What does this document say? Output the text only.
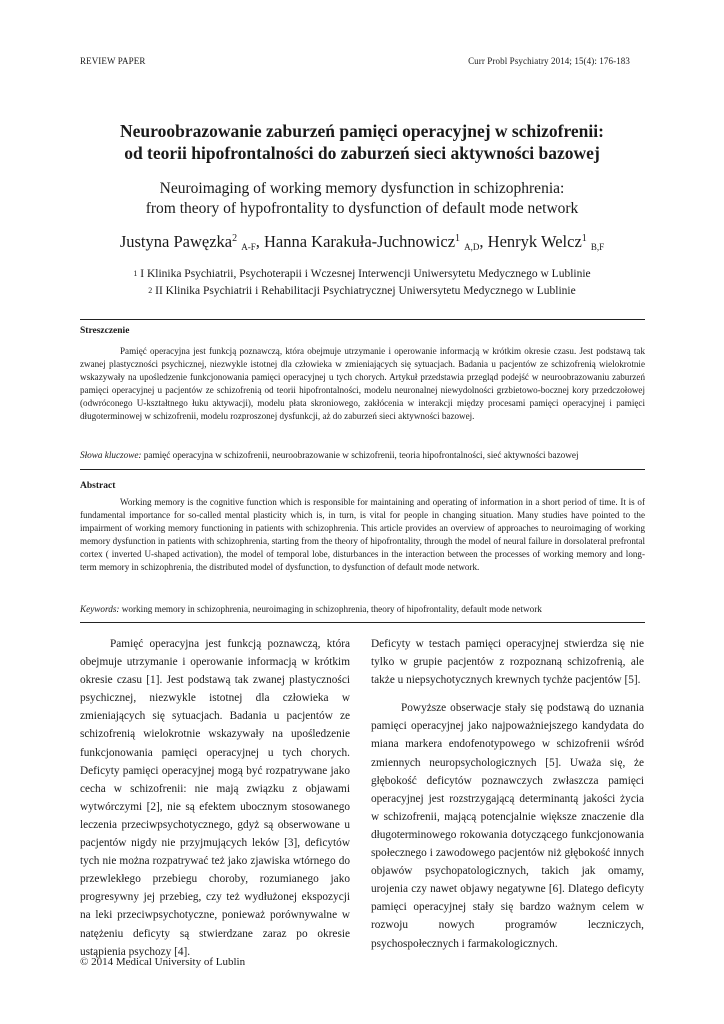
REVIEW PAPER	Curr Probl Psychiatry 2014; 15(4): 176-183
Neuroobrazowanie zaburzeń pamięci operacyjnej w schizofrenii:
od teorii hipofrontalności do zaburzeń sieci aktywności bazowej
Neuroimaging of working memory dysfunction in schizophrenia:
from theory of hypofrontality to dysfunction of default mode network
Justyna Pawęzka$^2$ A-F, Hanna Karakuła-Juchnowicz$^1$ A,D, Henryk Welcz$^1$ B,F
$^1$ I Klinika Psychiatrii, Psychoterapii i Wczesnej Interwencji Uniwersytetu Medycznego w Lublinie
$^2$ II Klinika Psychiatrii i Rehabilitacji Psychiatrycznej Uniwersytetu Medycznego w Lublinie
Streszczenie

Pamięć operacyjna jest funkcją poznawczą, która obejmuje utrzymanie i operowanie informacją w krótkim okresie czasu. Jest podstawą tak zwanej plastyczności psychicznej, niezwykle istotnej dla człowieka w zmieniających się sytuacjach. Badania u pacjentów ze schizofrenią wielokrotnie wskazywały na upośledzenie funkcjonowania pamięci operacyjnej u tych chorych. Artykuł przedstawia przegląd podejść w neuroobrazowaniu zaburzeń pamięci operacyjnej u pacjentów ze schizofrenią od teorii hipofrontalności, modelu neuronalnej niewydolności grzbietowo-bocznej kory przedczołowej (odwróconego U-kształtnego łuku aktywacji), modelu płata skroniowego, zakłócenia w interakcji między procesami pamięci operacyjnej i pamięci długoterminowej w schizofrenii, modelu rozproszonej dysfunkcji, aż do zaburzeń sieci aktywności bazowej.

Słowa kluczowe: pamięć operacyjna w schizofrenii, neuroobrazowanie w schizofrenii, teoria hipofrontalności, sieć aktywności bazowej
Abstract

Working memory is the cognitive function which is responsible for maintaining and operating of information in a short period of time. It is of fundamental importance for so-called mental plasticity which is, in turn, is vital for people in changing situation. Many studies have pointed to the impairment of working memory functioning in patients with schizophrenia. This article provides an overview of approaches to neuroimaging of working memory dysfunction in patients with schizophrenia, starting from the theory of hipofrontality, through the model of neural failure in dorsolateral prefrontal cortex ( inverted U-shaped activation), the model of temporal lobe, disturbances in the interaction between the processes of working memory and long-term memory in schizophrenia, the distributed model of dysfunction, to dysfunction of default mode network.

Keywords: working memory in schizophrenia, neuroimaging in schizophrenia, theory of hipofrontality, default mode network

Pamięć operacyjna jest funkcją poznawczą, która obejmuje utrzymanie i operowanie informacją w krótkim okresie czasu [1]. Jest podstawą tak zwanej plastyczności psychicznej, niezwykle istotnej dla człowieka w zmieniających się sytuacjach. Badania u pacjentów ze schizofrenią wielokrotnie wskazywały na upośledzenie funkcjonowania pamięci operacyjnej u tych chorych. Deficyty pamięci operacyjnej mogą być rozpatrywane jako cecha w schizofrenii: nie mają związku z objawami wytwórczymi [2], nie są efektem ubocznym stosowanego leczenia przeciwpsychotycznego, gdyż są obserwowane u pacjentów nigdy nie przyjmujących leków [3], deficytów tych nie można rozpatrywać też jako zjawiska wtórnego do przewlekłego przebiegu choroby, rozumianego jako progresywny jej przebieg, czy też wydłużonej ekspozycji na leki przeciwpsychotyczne, ponieważ porównywalne w natężeniu deficyty są stwierdzane zaraz po okresie ustąpienia psychozy [4].

Deficyty w testach pamięci operacyjnej stwierdza się nie tylko w grupie pacjentów z rozpoznaną schizofrenią, ale także u niepsychotycznych krewnych tychże pacjentów [5].

Powyższe obserwacje stały się podstawą do uznania pamięci operacyjnej jako najpoważniejszego kandydata do miana markera endofenotypowego w schizofrenii wśród zmiennych neuropsychologicznych [5]. Uważa się, że głębokość deficytów poznawczych zwłaszcza pamięci operacyjnej jest rozstrzygającą determinantą jakości życia w schizofrenii, mającą potencjalnie większe znaczenie dla długoterminowego rokowania dotyczącego funkcjonowania społecznego i zawodowego pacjentów niż głębokość innych objawów psychopatologicznych, takich jak omamy, urojenia czy nawet objawy negatywne [6]. Dlatego deficyty pamięci operacyjnej stały się bardzo ważnym celem w rozwoju nowych programów leczniczych, psychospołecznych i farmakologicznych.

© 2014 Medical University of Lublin
